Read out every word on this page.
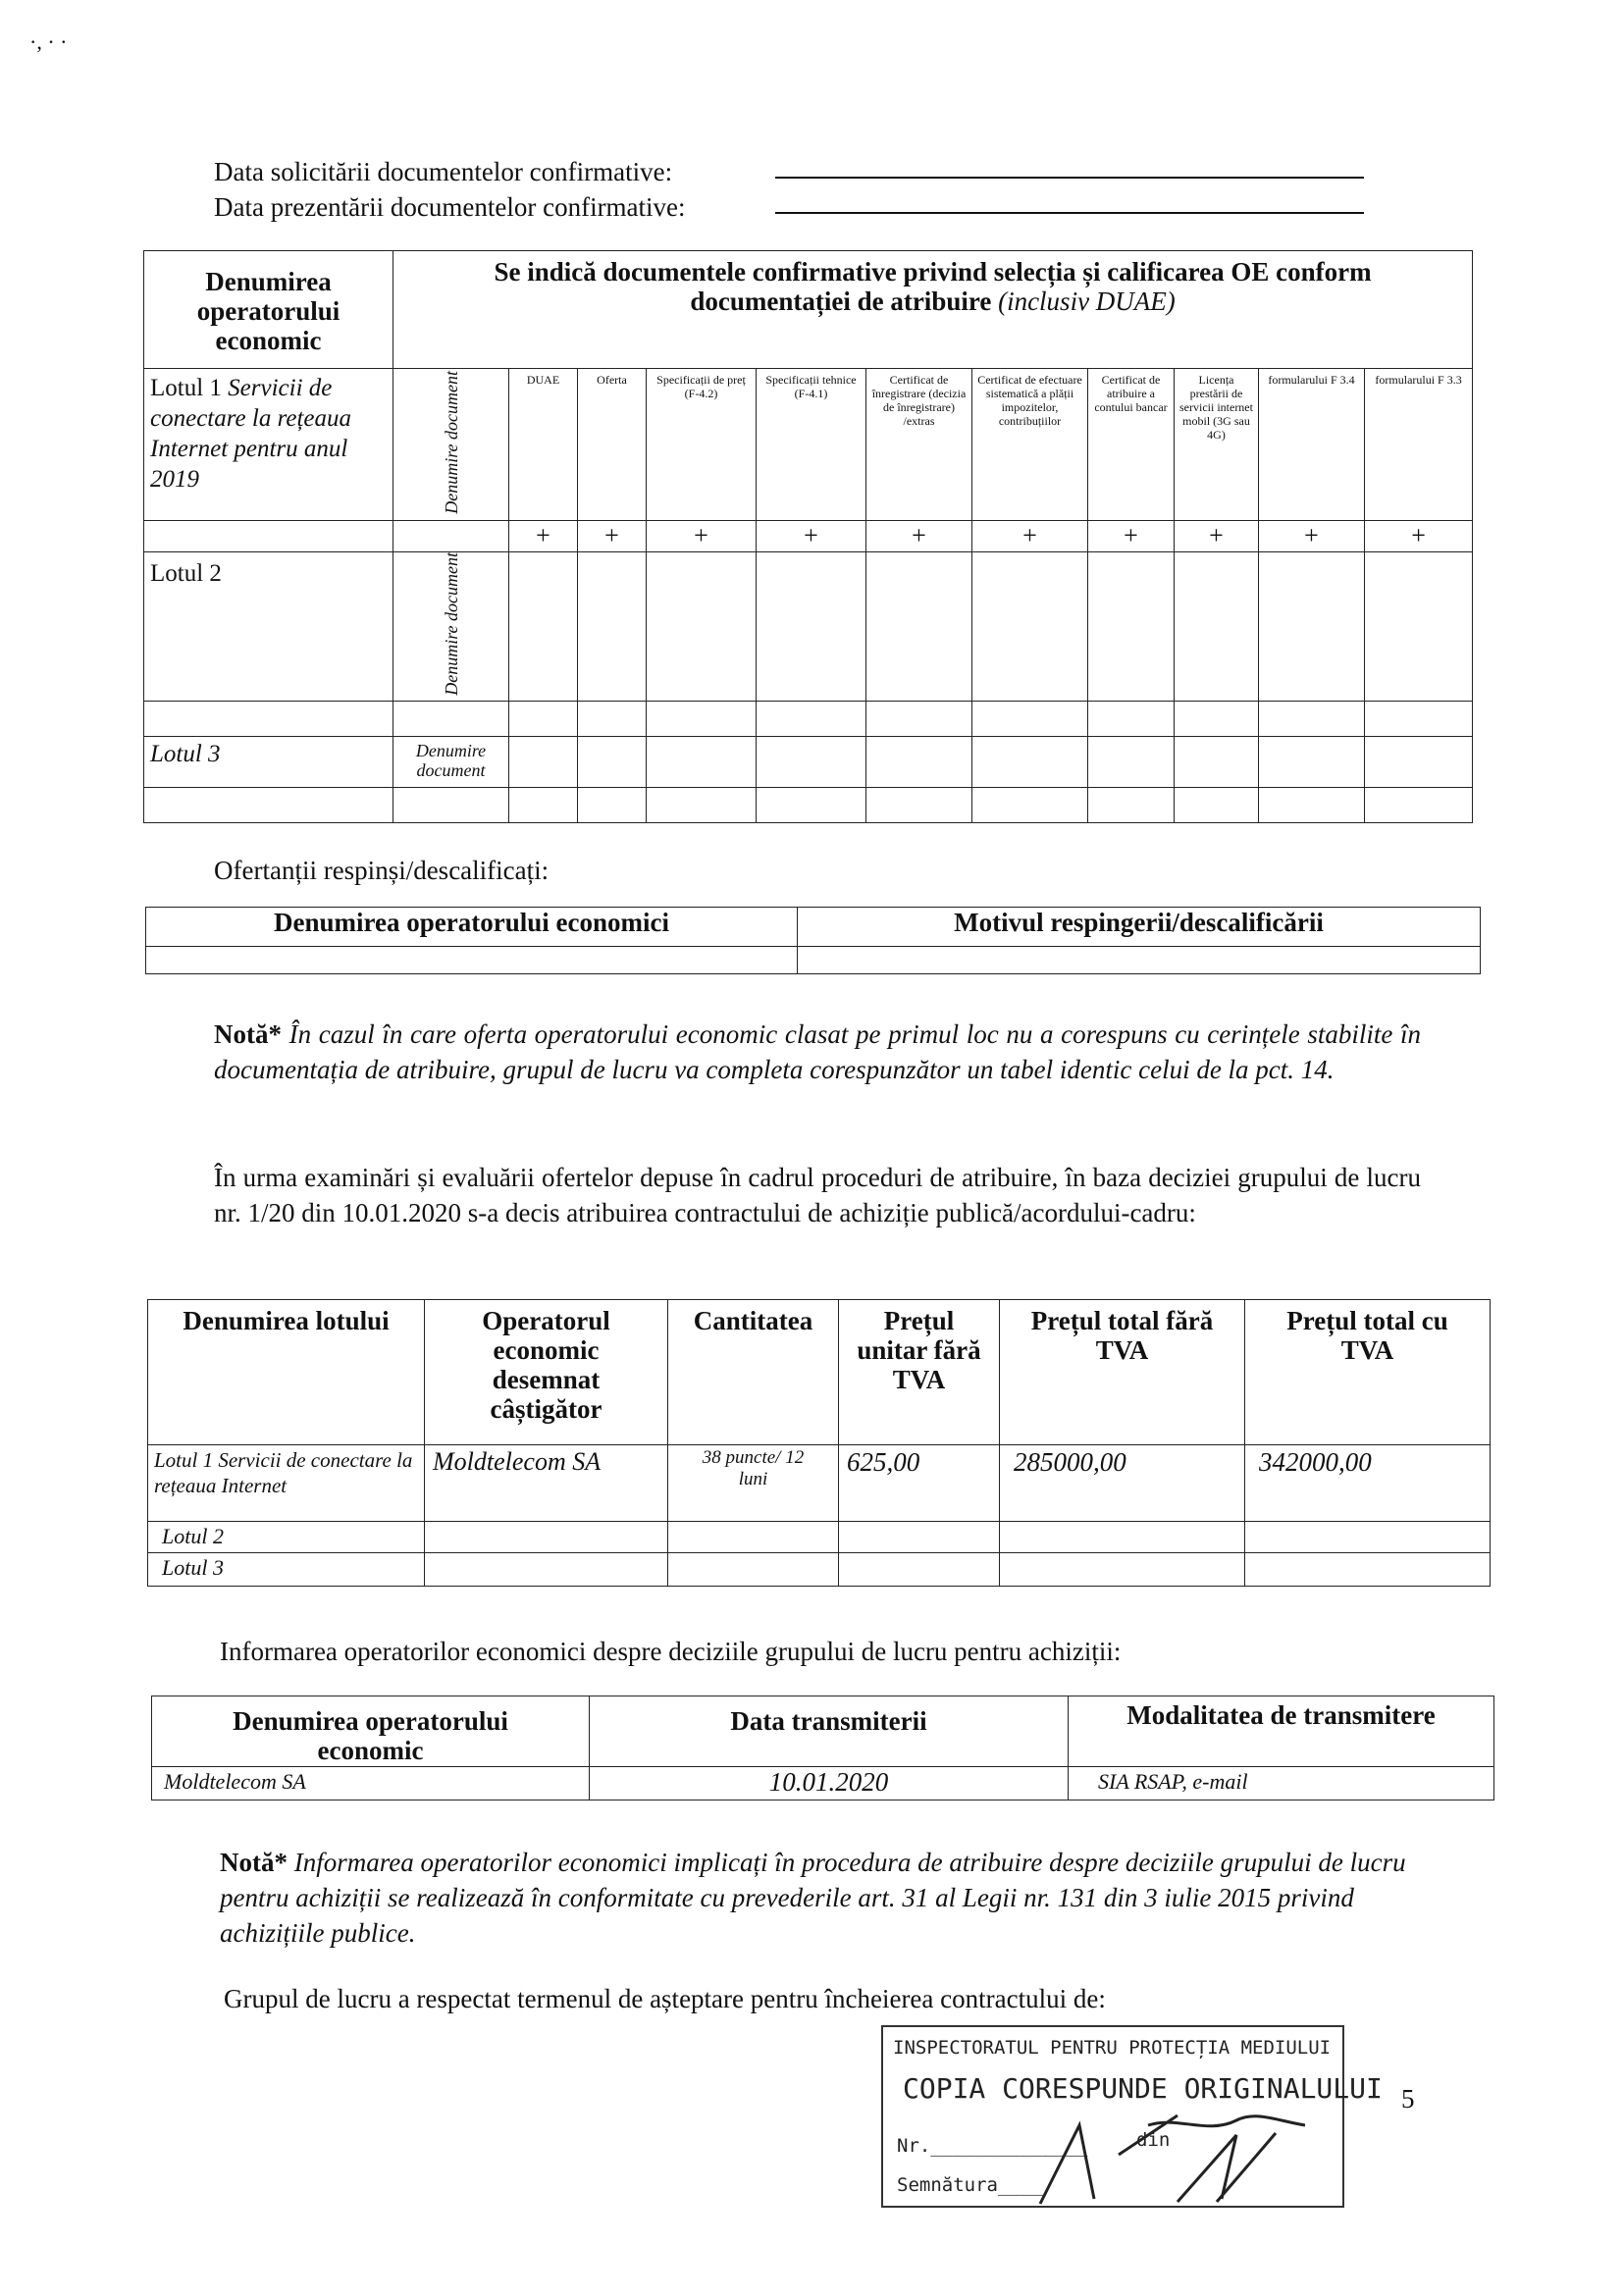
·, · ·
Data solicitării documentelor confirmative:
Data prezentării documentelor confirmative:
Denumirea operatorului economic	Se indică documentele confirmative privind selecția și calificarea OE conform
documentației de atribuire (inclusiv DUAE)										

Lotul 1 Servicii de conectare la rețeaua Internet pentru anul 2019	Denumire document	DUAE	Oferta	Specificații de preț (F-4.2)	Specificații tehnice (F-4.1)	Certificat de înregistrare (decizia de înregistrare) /extras	Certificat de efectuare sistematică a plății impozitelor, contribuțiilor	Certificat de atribuire a contului bancar	Licența prestării de servicii internet mobil (3G sau 4G)	formularului F 3.4	formularului F 3.3

		+	+	+	+	+	+	+	+	+	+
Lotul 2	Denumire document										

Lotul 3	Denumire document										

Ofertanții respinși/descalificați:
Denumirea operatorului economici	Motivul respingerii/descalificării

Notă* În cazul în care oferta operatorului economic clasat pe primul loc nu a corespuns cu cerințele stabilite în documentația de atribuire, grupul de lucru va completa corespunzător un tabel identic celui de la pct. 14.
În urma examinări și evaluării ofertelor depuse în cadrul proceduri de atribuire, în baza deciziei grupului de lucru nr. 1/20 din 10.01.2020 s-a decis atribuirea contractului de achiziție publică/acordului-cadru:
Denumirea lotului	Operatorul economic desemnat câștigător	Cantitatea	Prețul unitar fără TVA	Prețul total fără TVA	Prețul total cu TVA

Lotul 1 Servicii de conectare la rețeaua Internet	Moldtelecom SA	38 puncte/ 12 luni	625,00	285000,00	342000,00
Lotul 2					
Lotul 3					
Informarea operatorilor economici despre deciziile grupului de lucru pentru achiziții:
Denumirea operatorului economic	Data transmiterii	Modalitatea de transmitere

Moldtelecom SA	10.01.2020	SIA RSAP, e-mail
Notă* Informarea operatorilor economici implicați în procedura de atribuire despre deciziile grupului de lucru pentru achiziții se realizează în conformitate cu prevederile art. 31 al Legii nr. 131 din 3 iulie 2015 privind achizițiile publice.
Grupul de lucru a respectat termenul de așteptare pentru încheierea contractului de:
INSPECTORATUL PENTRU PROTECȚIA MEDIULUI
COPIA CORESPUNDE ORIGINALULUI
Nr.______________	din
Semnătura____
5
